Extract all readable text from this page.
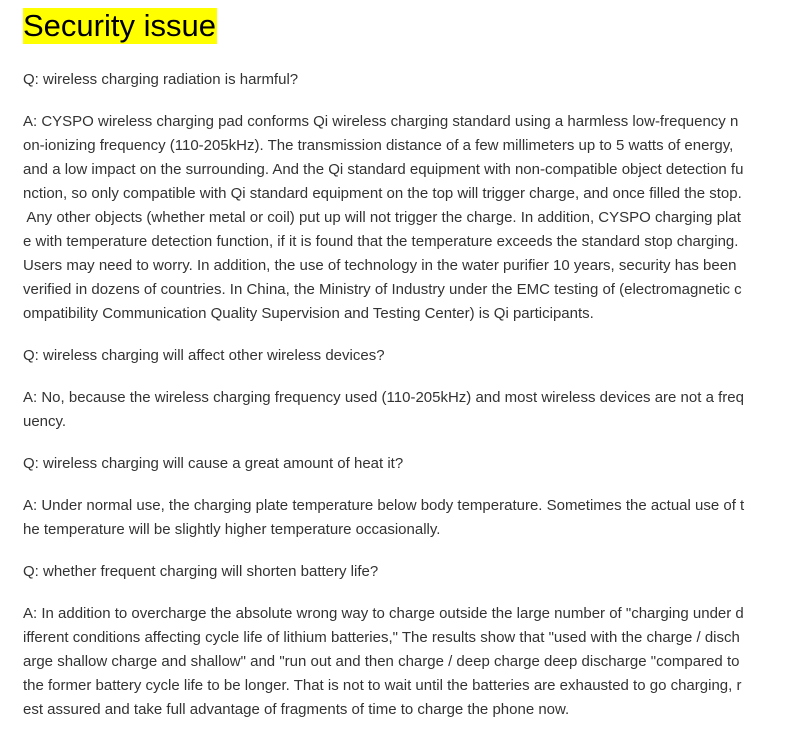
Security issue

Q: wireless charging radiation is harmful?

A: CYSPO wireless charging pad conforms Qi wireless charging standard using a harmless low-frequency n
on-ionizing frequency (110-205kHz). The transmission distance of a few millimeters up to 5 watts of energy,
and a low impact on the surrounding. And the Qi standard equipment with non-compatible object detection fu
nction, so only compatible with Qi standard equipment on the top will trigger charge, and once filled the stop.
Any other objects (whether metal or coil) put up will not trigger the charge. In addition, CYSPO charging plat
e with temperature detection function, if it is found that the temperature exceeds the standard stop charging.
Users may need to worry. In addition, the use of technology in the water purifier 10 years, security has been
verified in dozens of countries. In China, the Ministry of Industry under the EMC testing of (electromagnetic c
ompatibility Communication Quality Supervision and Testing Center) is Qi participants.

Q: wireless charging will affect other wireless devices?

A: No, because the wireless charging frequency used (110-205kHz) and most wireless devices are not a freq
uency.

Q: wireless charging will cause a great amount of heat it?

A: Under normal use, the charging plate temperature below body temperature. Sometimes the actual use of t
he temperature will be slightly higher temperature occasionally.

Q: whether frequent charging will shorten battery life?

A: In addition to overcharge the absolute wrong way to charge outside the large number of "charging under d
ifferent conditions affecting cycle life of lithium batteries," The results show that "used with the charge / disch
arge shallow charge and shallow" and "run out and then charge / deep charge deep discharge "compared to
the former battery cycle life to be longer. That is not to wait until the batteries are exhausted to go charging, r
est assured and take full advantage of fragments of time to charge the phone now.
